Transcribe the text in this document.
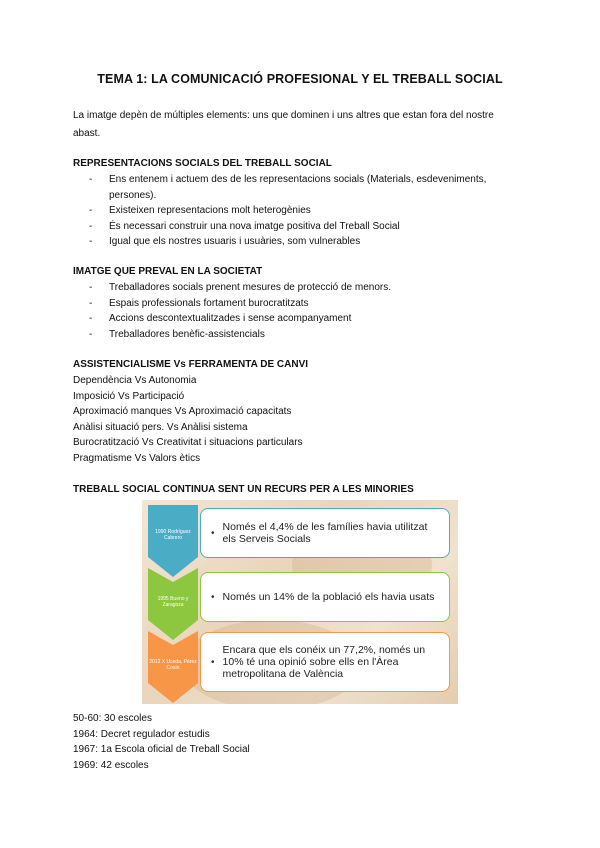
TEMA 1: LA COMUNICACIÓ PROFESIONAL Y EL TREBALL SOCIAL
La imatge depèn de múltiples elements: uns que dominen i uns altres que estan fora del nostre abast.
REPRESENTACIONS SOCIALS DEL TREBALL SOCIAL
- Ens entenem i actuem des de les representacions socials (Materials, esdeveniments, persones).
- Existeixen representacions molt heterogènies
- És necessari construir una nova imatge positiva del Treball Social
- Igual que els nostres usuaris i usuàries, som vulnerables
IMATGE QUE PREVAL EN LA SOCIETAT
- Treballadores socials prenent mesures de protecció de menors.
- Espais professionals fortament burocratitzats
- Accions descontextualitzades i sense acompanyament
- Treballadores benèfic-assistencials
ASSISTENCIALISME Vs FERRAMENTA DE CANVI
Dependència Vs Autonomia
Imposició Vs Participació
Aproximació manques Vs Aproximació capacitats
Anàlisi situació pers. Vs Anàlisi sistema
Burocratització Vs Creativitat i situacions particulars
Pragmatisme Vs Valors ètics
TREBALL SOCIAL CONTINUA SENT UN RECURS PER A LES MINORIES
1990 Rodríguez Cabrero	• Només el 4,4% de les famílies havia utilitzat els Serveis Socials
1995 Bueno y Zaragoza
• Només un 14% de la població els havia usats
2012 X Uceda, Pérez Cosín
•
Encara que els conéix un 77,2%, només un 10% té una opinió sobre ells en l'Àrea metropolitana de València
50-60: 30 escoles
1964: Decret regulador estudis
1967: 1a Escola oficial de Treball Social
1969: 42 escoles
